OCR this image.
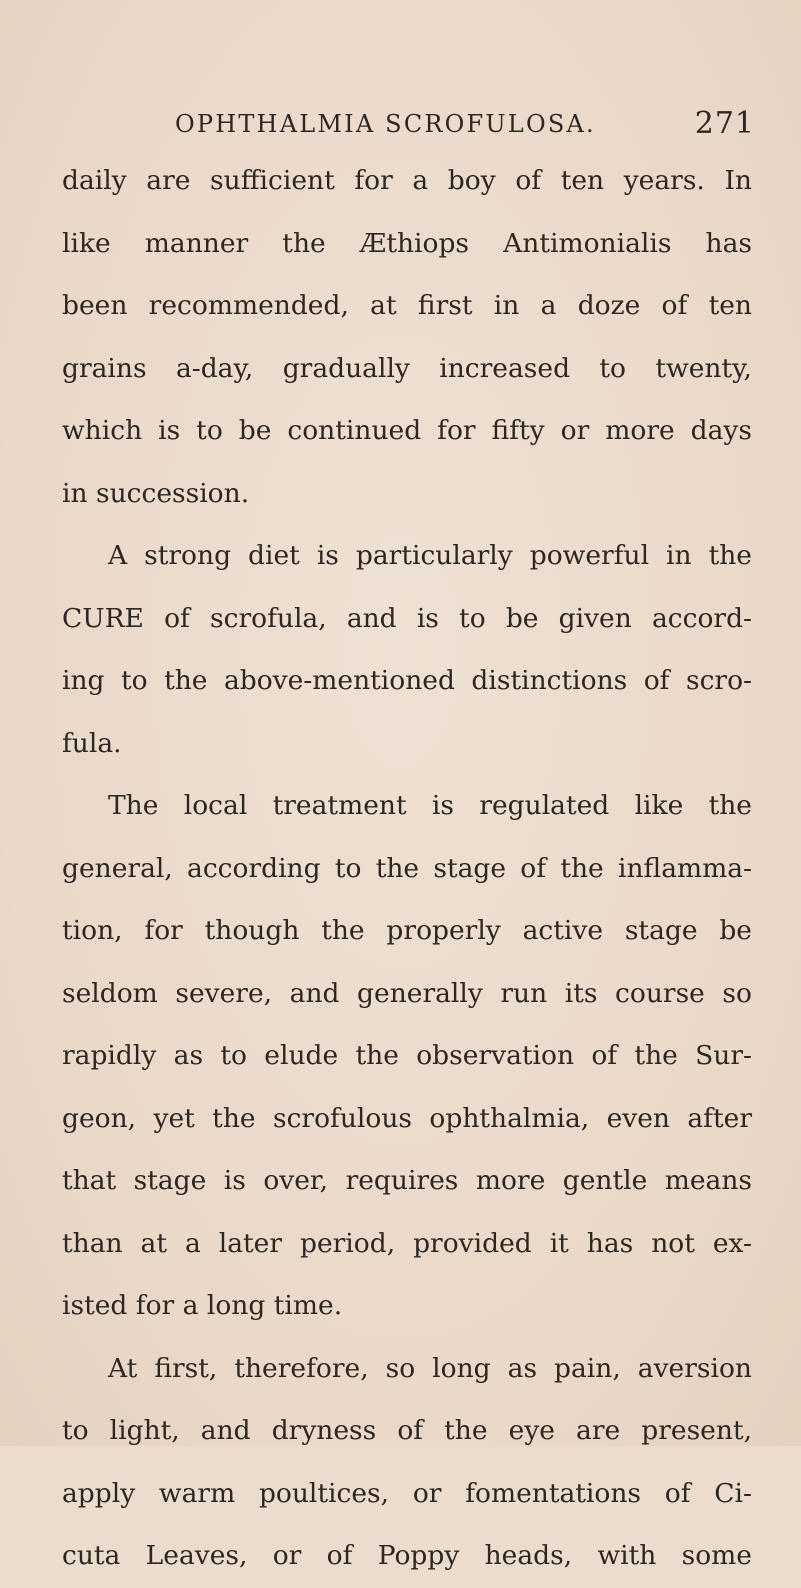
OPHTHALMIA SCROFULOSA.	271
daily are sufficient for a boy of ten years. In
like manner the Æthiops Antimonialis has
been recommended, at first in a doze of ten
grains a-day, gradually increased to twenty,
which is to be continued for fifty or more days
in succession.
A strong diet is particularly powerful in the
CURE of scrofula, and is to be given accord-
ing to the above-mentioned distinctions of scro-
fula.
The local treatment is regulated like the
general, according to the stage of the inflamma-
tion, for though the properly active stage be
seldom severe, and generally run its course so
rapidly as to elude the observation of the Sur-
geon, yet the scrofulous ophthalmia, even after
that stage is over, requires more gentle means
than at a later period, provided it has not ex-
isted for a long time.
At first, therefore, so long as pain, aversion
to light, and dryness of the eye are present,
apply warm poultices, or fomentations of Ci-
cuta Leaves, or of Poppy heads, with some
